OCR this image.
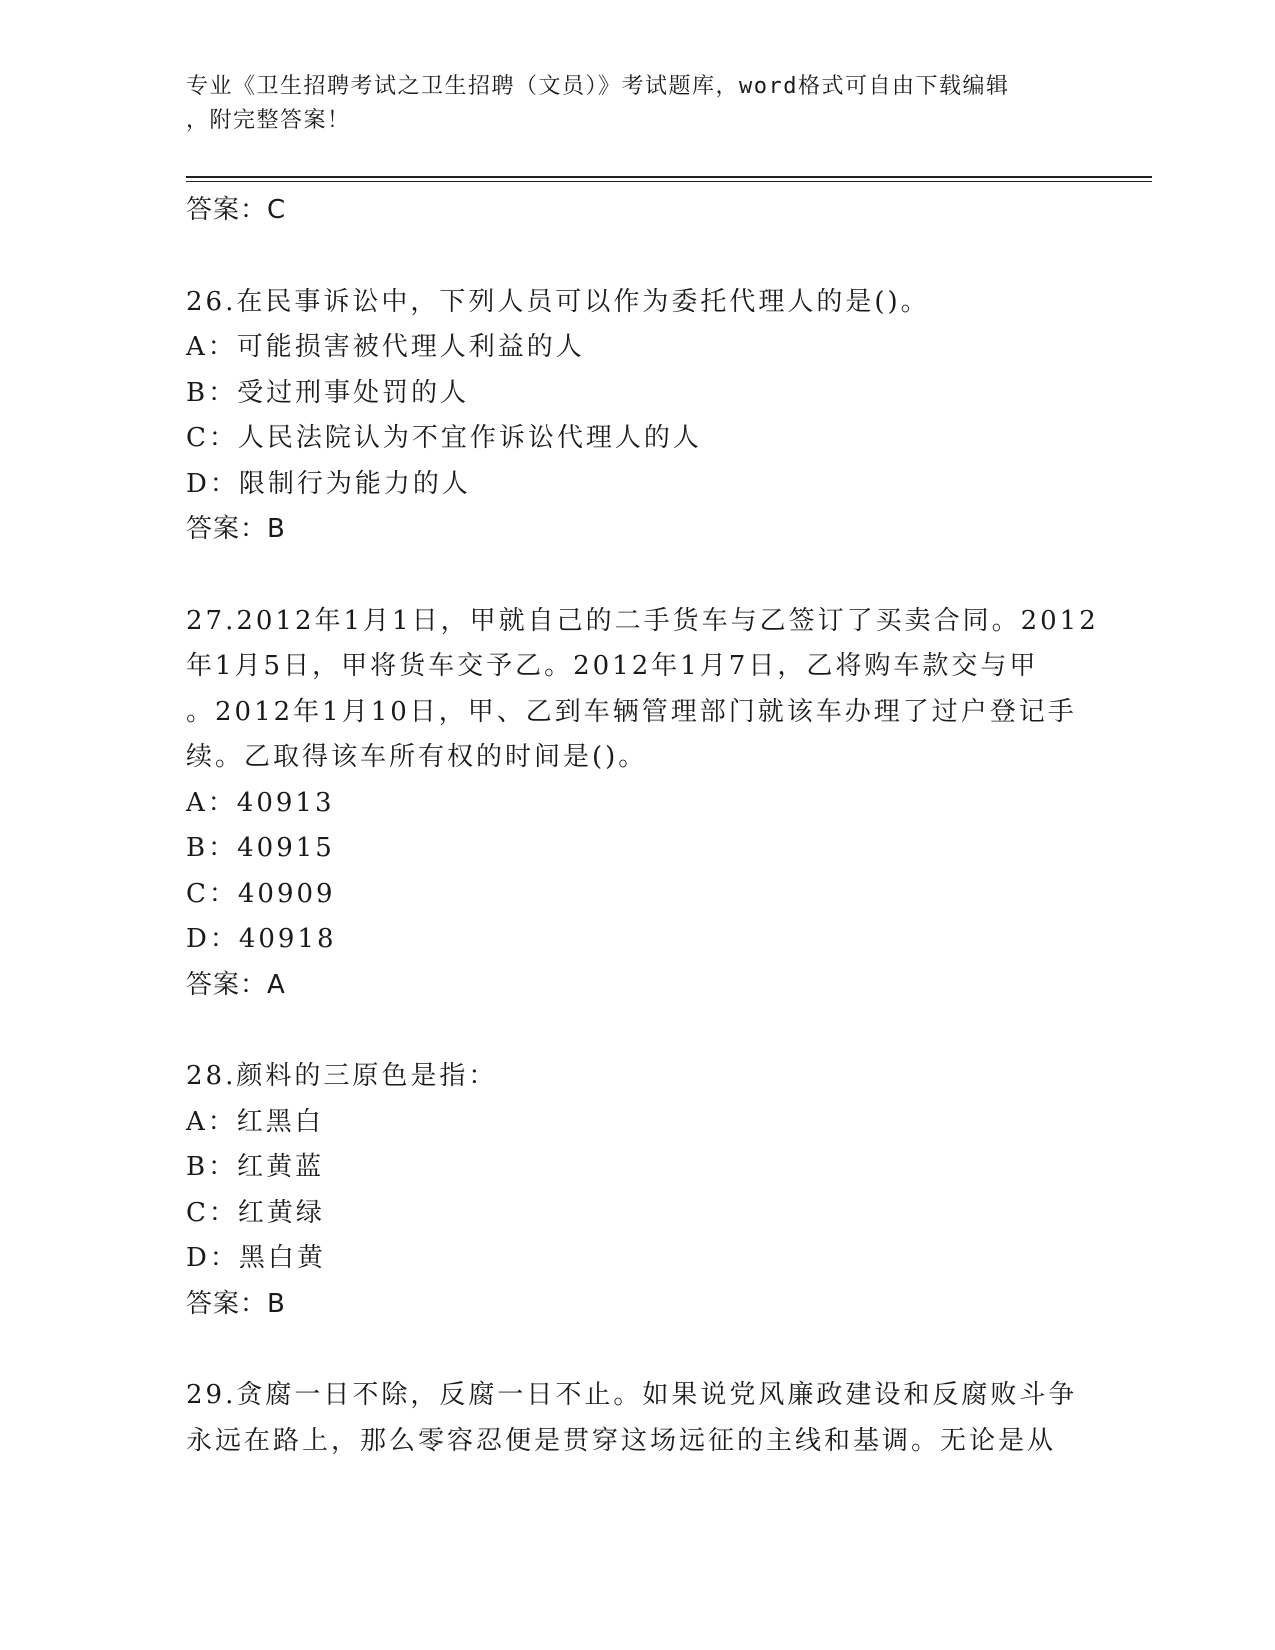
专业《卫生招聘考试之卫生招聘（文员）》考试题库，word格式可自由下载编辑
，附完整答案！
答案：C
26.在民事诉讼中，下列人员可以作为委托代理人的是()。
A：可能损害被代理人利益的人
B：受过刑事处罚的人
C：人民法院认为不宜作诉讼代理人的人
D：限制行为能力的人
答案：B
27.2012年1月1日，甲就自己的二手货车与乙签订了买卖合同。2012
年1月5日，甲将货车交予乙。2012年1月7日，乙将购车款交与甲
。2012年1月10日，甲、乙到车辆管理部门就该车办理了过户登记手
续。乙取得该车所有权的时间是()。
A：40913
B：40915
C：40909
D：40918
答案：A
28.颜料的三原色是指：
A：红黑白
B：红黄蓝
C：红黄绿
D：黑白黄
答案：B
29.贪腐一日不除，反腐一日不止。如果说党风廉政建设和反腐败斗争
永远在路上，那么零容忍便是贯穿这场远征的主线和基调。无论是从
